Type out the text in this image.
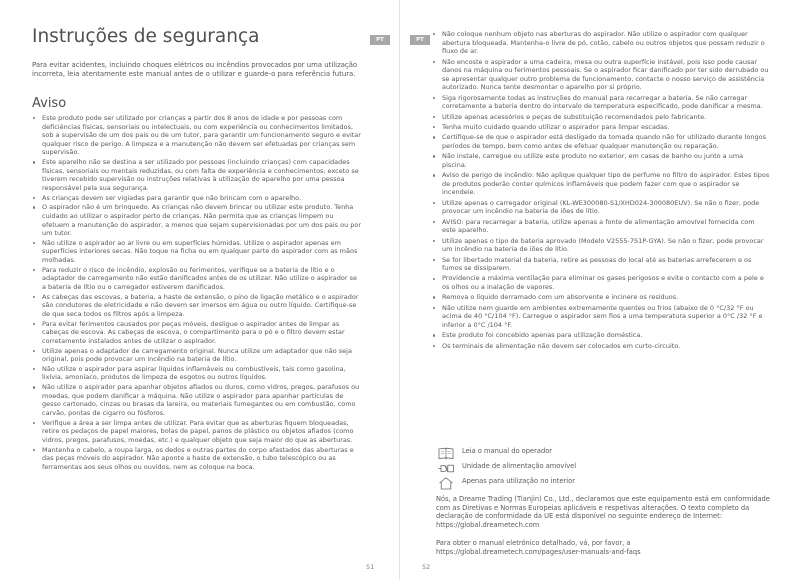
Instruções de segurança	PT
Para evitar acidentes, incluindo choques elétricos ou incêndios provocados por uma utilização incorreta, leia atentamente este manual antes de o utilizar e guarde-o para referência futura.
Aviso
Este produto pode ser utilizado por crianças a partir dos 8 anos de idade e por pessoas com deficiências físicas, sensoriais ou intelectuais, ou com experiência ou conhecimentos limitados, sob a supervisão de um dos pais ou de um tutor, para garantir um funcionamento seguro e evitar qualquer risco de perigo. A limpeza e a manutenção não devem ser efetuadas por crianças sem supervisão.
Este aparelho não se destina a ser utilizado por pessoas (incluindo crianças) com capacidades físicas, sensoriais ou mentais reduzidas, ou com falta de experiência e conhecimentos, exceto se tiverem recebido supervisão ou instruções relativas à utilização do aparelho por uma pessoa responsável pela sua segurança.
As crianças devem ser vigiadas para garantir que não brincam com o aparelho.
O aspirador não é um brinquedo. As crianças não devem brincar ou utilizar este produto. Tenha cuidado ao utilizar o aspirador perto de crianças. Não permita que as crianças limpem ou efetuem a manutenção do aspirador, a menos que sejam supervisionadas por um dos pais ou por um tutor.
Não utilize o aspirador ao ar livre ou em superfícies húmidas. Utilize o aspirador apenas em superfícies interiores secas. Não toque na ficha ou em qualquer parte do aspirador com as mãos molhadas.
Para reduzir o risco de incêndio, explosão ou ferimentos, verifique se a bateria de lítio e o adaptador de carregamento não estão danificados antes de os utilizar. Não utilize o aspirador se a bateria de lítio ou o carregador estiverem danificados.
As cabeças das escovas, a bateria, a haste de extensão, o pino de ligação metálico e o aspirador são condutores de eletricidade e não devem ser imersos em água ou outro líquido. Certifique-se de que seca todos os filtros após a limpeza.
Para evitar ferimentos causados por peças móveis, desligue o aspirador antes de limpar as cabeças de escova. As cabeças de escova, o compartimento para o pó e o filtro devem estar corretamente instalados antes de utilizar o aspirador.
Utilize apenas o adaptador de carregamento original. Nunca utilize um adaptador que não seja original, pois pode provocar um incêndio na bateria de lítio.
Não utilize o aspirador para aspirar líquidos inflamáveis ou combustíveis, tais como gasolina, lixívia, amoníaco, produtos de limpeza de esgotos ou outros líquidos.
Não utilize o aspirador para apanhar objetos afiados ou duros, como vidros, pregos, parafusos ou moedas, que podem danificar a máquina. Não utilize o aspirador para apanhar partículas de gesso cartonado, cinzas ou brasas da lareira, ou materiais fumegantes ou em combustão, como carvão, pontas de cigarro ou fósforos.
Verifique a área a ser limpa antes de utilizar. Para evitar que as aberturas fiquem bloqueadas, retire os pedaços de papel maiores, bolas de papel, panos de plástico ou objetos afiados (como vidros, pregos, parafusos, moedas, etc.) e qualquer objeto que seja maior do que as aberturas.
Mantenha o cabelo, a roupa larga, os dedos e outras partes do corpo afastados das aberturas e das peças móveis do aspirador. Não aponte a haste de extensão, o tubo telescópico ou as ferramentas aos seus olhos ou ouvidos, nem as coloque na boca.
51
PT
Não coloque nenhum objeto nas aberturas do aspirador. Não utilize o aspirador com qualquer abertura bloqueada. Mantenha-o livre de pó, cotão, cabelo ou outros objetos que possam reduzir o fluxo de ar.
Não encoste o aspirador a uma cadeira, mesa ou outra superfície instável, pois isso pode causar danos na máquina ou ferimentos pessoais. Se o aspirador ficar danificado por ter sido derrubado ou se apresentar qualquer outro problema de funcionamento, contacte o nosso serviço de assistência autorizado. Nunca tente desmontar o aparelho por si próprio.
Siga rigorosamente todas as instruções do manual para recarregar a bateria. Se não carregar corretamente a bateria dentro do intervalo de temperatura especificado, pode danificar a mesma.
Utilize apenas acessórios e peças de substituição recomendados pelo fabricante.
Tenha muito cuidado quando utilizar o aspirador para limpar escadas.
Certifique-se de que o aspirador está desligado da tomada quando não for utilizado durante longos períodos de tempo, bem como antes de efetuar qualquer manutenção ou reparação.
Não instale, carregue ou utilize este produto no exterior, em casas de banho ou junto a uma piscina.
Aviso de perigo de incêndio: Não aplique qualquer tipo de perfume no filtro do aspirador. Estes tipos de produtos poderão conter químicos inflamáveis que podem fazer com que o aspirador se incendeie.
Utilize apenas o carregador original (KL-WE300080-S1/XHD024-300080EUV). Se não o fizer, pode provocar um incêndio na bateria de iões de lítio.
AVISO: para recarregar a bateria, utilize apenas a fonte de alimentação amovível fornecida com este aparelho.
Utilize apenas o tipo de bateria aprovado (Modelo V2555-7S1P-GYA). Se não o fizer, pode provocar um incêndio na bateria de iões de lítio.
Se for libertado material da bateria, retire as pessoas do local até as baterias arrefecerem e os fumos se dissiparem.
Providencie a máxima ventilação para eliminar os gases perigosos e evite o contacto com a pele e os olhos ou a inalação de vapores.
Remova o líquido derramado com um absorvente e incinere os resíduos.
Não utilize nem guarde em ambientes extremamente quentes ou frios (abaixo de 0 °C/32 °F ou acima de 40 °C/104 °F). Carregue o aspirador sem fios a uma temperatura superior a 0°C /32 °F e inferior a 0°C /104 °F.
Este produto foi concebido apenas para utilização doméstica.
Os terminais de alimentação não devem ser colocados em curto-circuito.
Leia o manual do operador
Unidade de alimentação amovível
Apenas para utilização no interior
Nós, a Dreame Trading (Tianjin) Co., Ltd., declaramos que este equipamento está em conformidade com as Diretivas e Normas Europeias aplicáveis e respetivas alterações. O texto completo da declaração de conformidade da UE está disponível no seguinte endereço de Internet: https://global.dreametech.com
Para obter o manual eletrónico detalhado, vá, por favor, a https://global.dreametech.com/pages/user-manuals-and-faqs
52
